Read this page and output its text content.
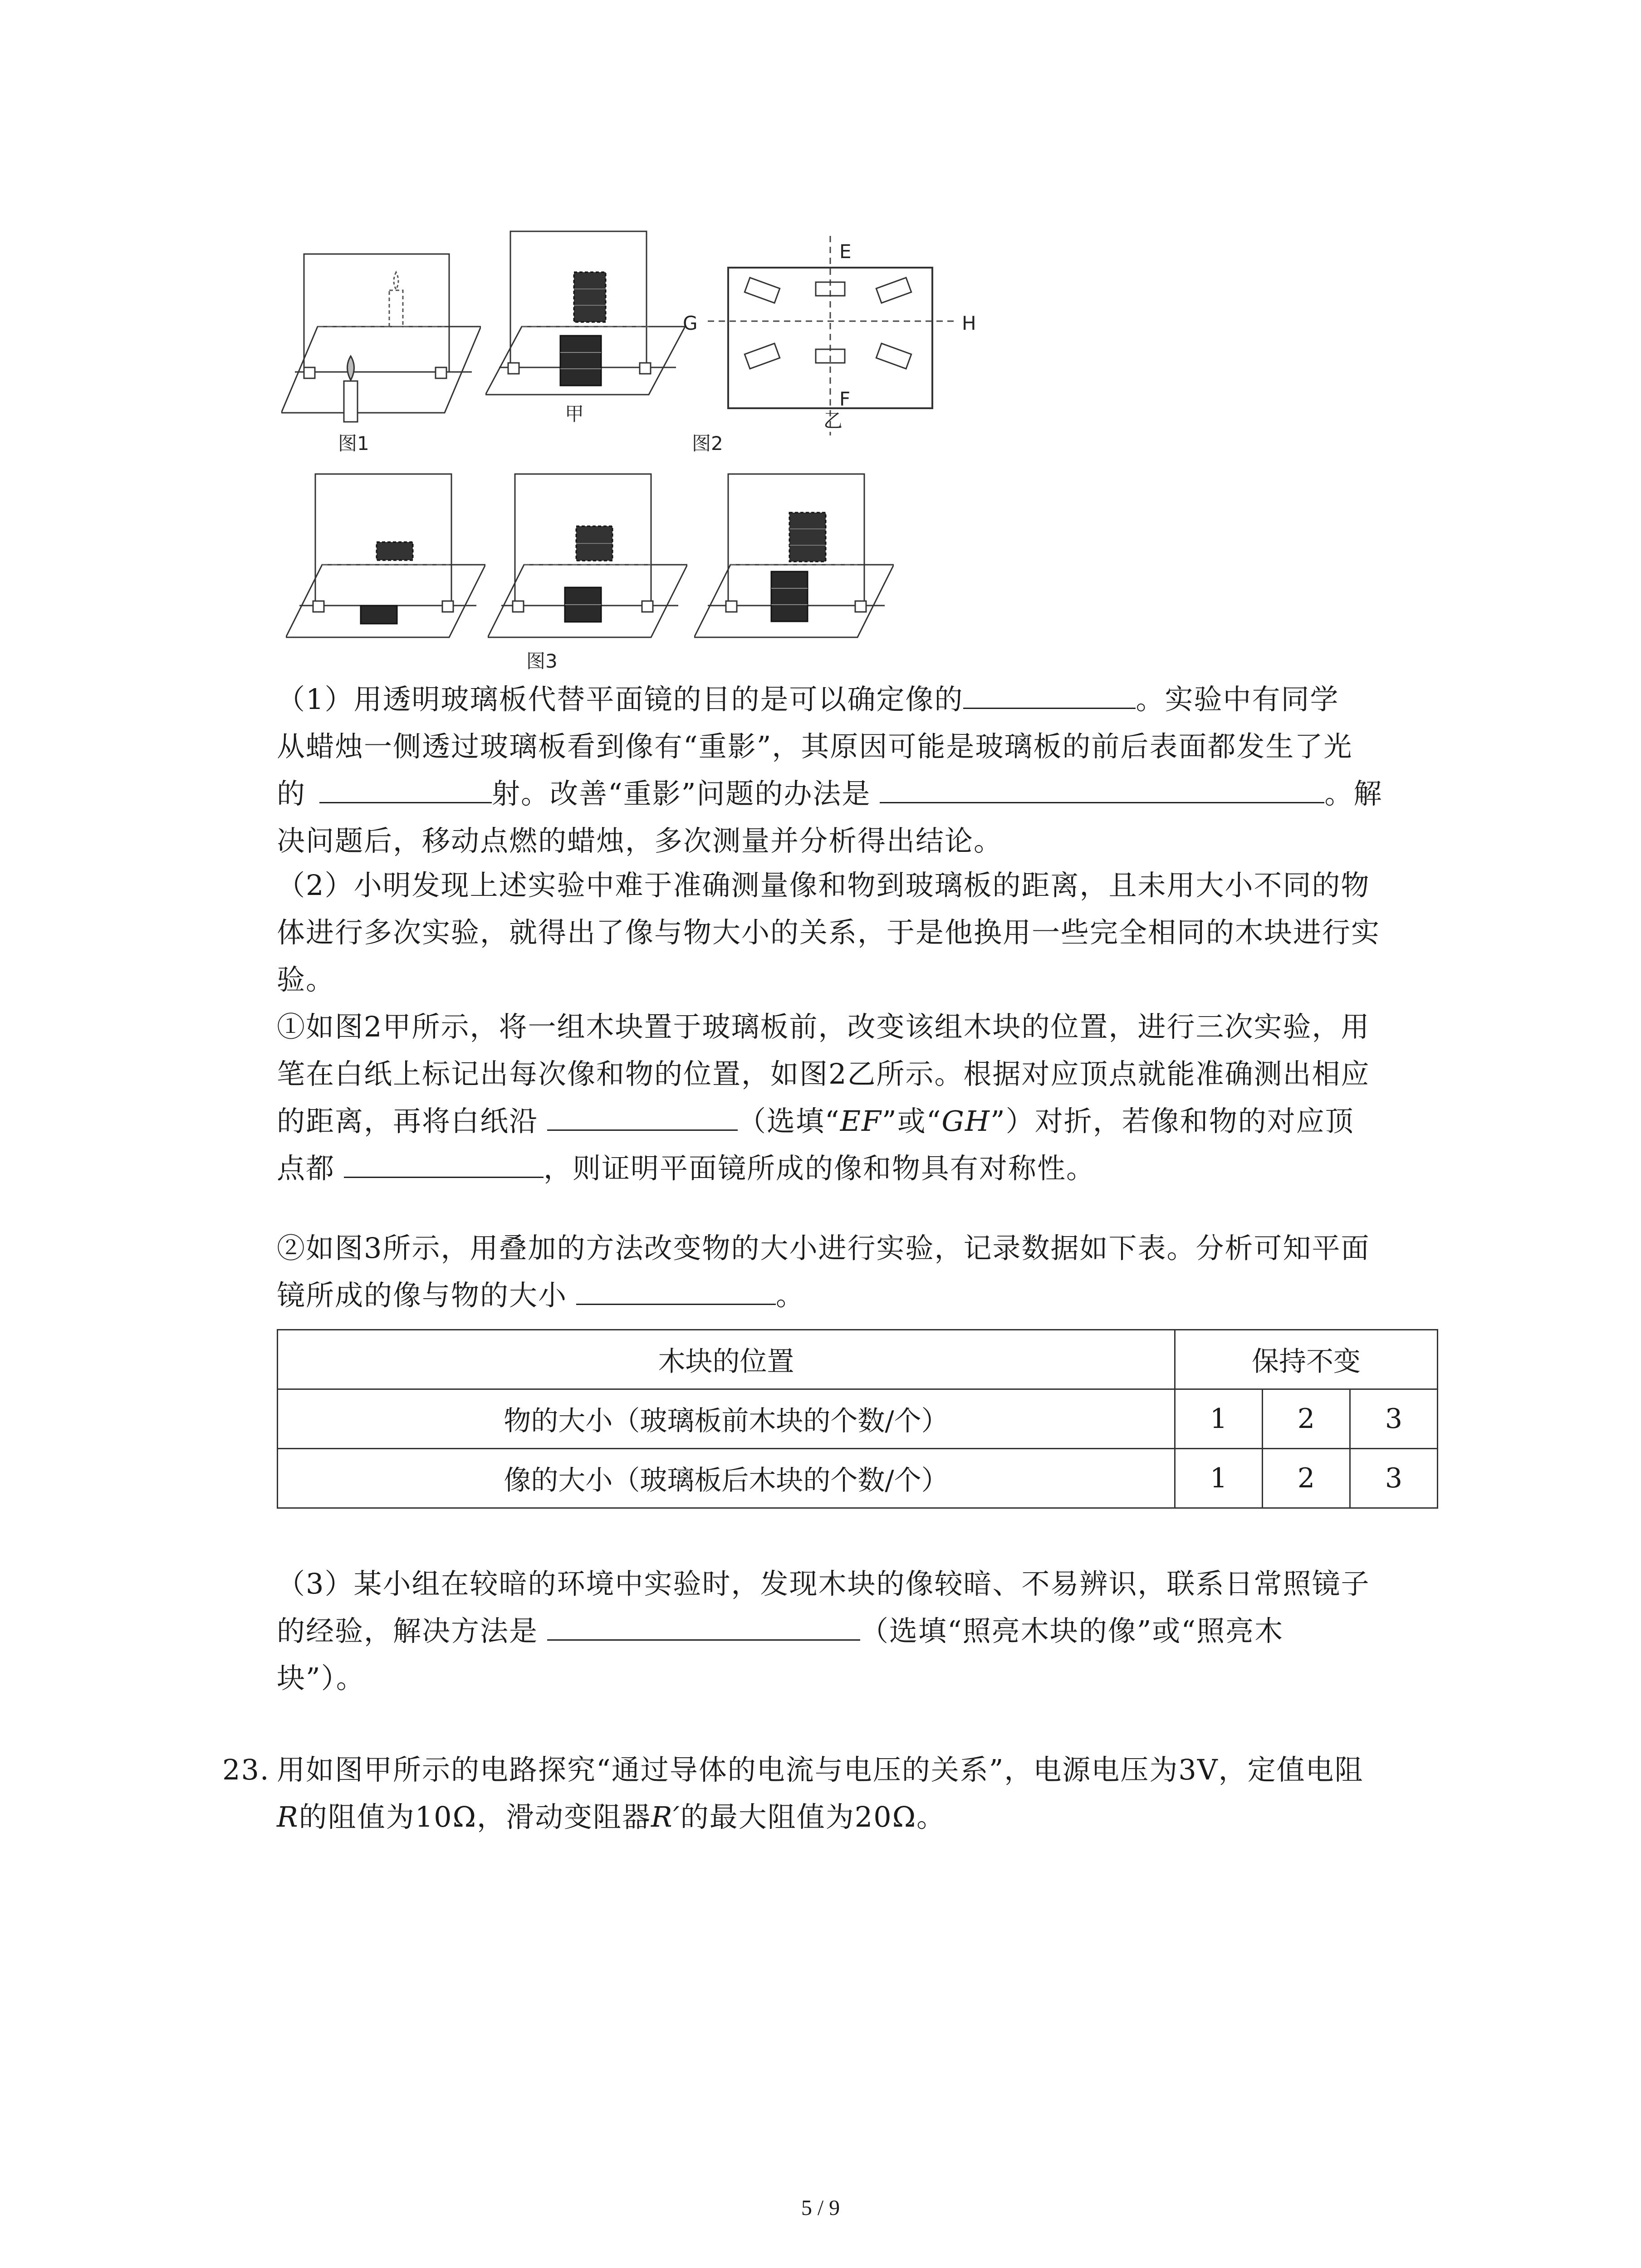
图1
甲
E
F
G	H
乙
图2
图3
（1）用透明玻璃板代替平面镜的目的是可以确定像的	。实验中有同学
从蜡烛一侧透过玻璃板看到像有“重影”，其原因可能是玻璃板的前后表面都发生了光
的	射。改善“重影”问题的办法是	。解
决问题后，移动点燃的蜡烛，多次测量并分析得出结论。
（2）小明发现上述实验中难于准确测量像和物到玻璃板的距离，且未用大小不同的物
体进行多次实验，就得出了像与物大小的关系，于是他换用一些完全相同的木块进行实
验。
①如图2甲所示，将一组木块置于玻璃板前，改变该组木块的位置，进行三次实验，用
笔在白纸上标记出每次像和物的位置，如图2乙所示。根据对应顶点就能准确测出相应
的距离，再将白纸沿	（选填“EF”或“GH”）对折，若像和物的对应顶
点都	，则证明平面镜所成的像和物具有对称性。
②如图3所示，用叠加的方法改变物的大小进行实验，记录数据如下表。分析可知平面
镜所成的像与物的大小	。
木块的位置	保持不变		
物的大小（玻璃板前木块的个数/个）	1	2	3
像的大小（玻璃板后木块的个数/个）	1	2	3
（3）某小组在较暗的环境中实验时，发现木块的像较暗、不易辨识，联系日常照镜子
的经验，解决方法是	（选填“照亮木块的像”或“照亮木
块”）。
23. 用如图甲所示的电路探究“通过导体的电流与电压的关系”，电源电压为3V，定值电阻
R的阻值为10Ω，滑动变阻器R′的最大阻值为20Ω。
5 / 9
